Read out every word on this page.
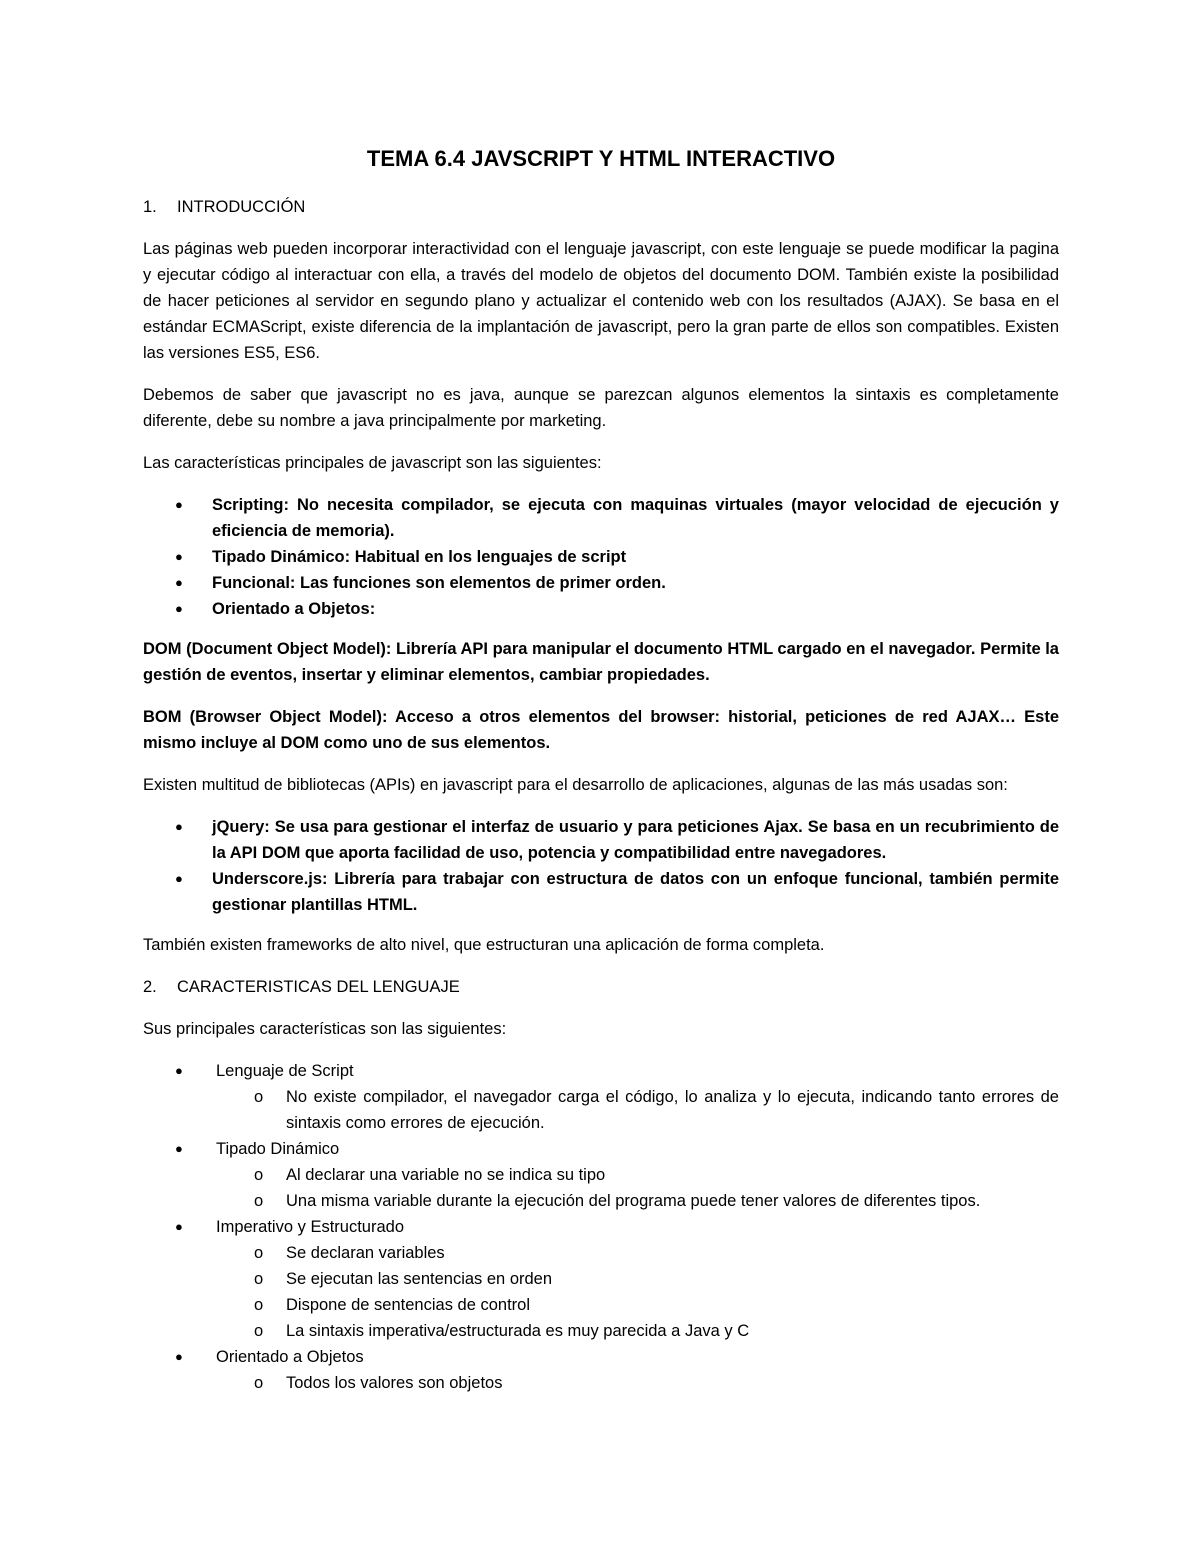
TEMA 6.4 JAVSCRIPT Y HTML INTERACTIVO
1.	INTRODUCCIÓN

Las páginas web pueden incorporar interactividad con el lenguaje javascript, con este lenguaje se puede modificar la pagina y ejecutar código al interactuar con ella, a través del modelo de objetos del documento DOM. También existe la posibilidad de hacer peticiones al servidor en segundo plano y actualizar el contenido web con los resultados (AJAX). Se basa en el estándar ECMAScript, existe diferencia de la implantación de javascript, pero la gran parte de ellos son compatibles. Existen las versiones ES5, ES6.

Debemos de saber que javascript no es java, aunque se parezcan algunos elementos la sintaxis es completamente diferente, debe su nombre a java principalmente por marketing.

Las características principales de javascript son las siguientes:

● Scripting: No necesita compilador, se ejecuta con maquinas virtuales (mayor velocidad de ejecución y eficiencia de memoria).
● Tipado Dinámico: Habitual en los lenguajes de script
● Funcional: Las funciones son elementos de primer orden.
● Orientado a Objetos:

DOM (Document Object Model): Librería API para manipular el documento HTML cargado en el navegador. Permite la gestión de eventos, insertar y eliminar elementos, cambiar propiedades.

BOM (Browser Object Model): Acceso a otros elementos del browser: historial, peticiones de red AJAX… Este mismo incluye al DOM como uno de sus elementos.

Existen multitud de bibliotecas (APIs) en javascript para el desarrollo de aplicaciones, algunas de las más usadas son:

● jQuery: Se usa para gestionar el interfaz de usuario y para peticiones Ajax. Se basa en un recubrimiento de la API DOM que aporta facilidad de uso, potencia y compatibilidad entre navegadores.
● Underscore.js: Librería para trabajar con estructura de datos con un enfoque funcional, también permite gestionar plantillas HTML.

También existen frameworks de alto nivel, que estructuran una aplicación de forma completa.

2.	CARACTERISTICAS DEL LENGUAJE

Sus principales características son las siguientes:

● Lenguaje de Script
o No existe compilador, el navegador carga el código, lo analiza y lo ejecuta, indicando tanto errores de sintaxis como errores de ejecución.
● Tipado Dinámico
o Al declarar una variable no se indica su tipo
o Una misma variable durante la ejecución del programa puede tener valores de diferentes tipos.
● Imperativo y Estructurado
o Se declaran variables
o Se ejecutan las sentencias en orden
o Dispone de sentencias de control
o La sintaxis imperativa/estructurada es muy parecida a Java y C
● Orientado a Objetos
o Todos los valores son objetos
